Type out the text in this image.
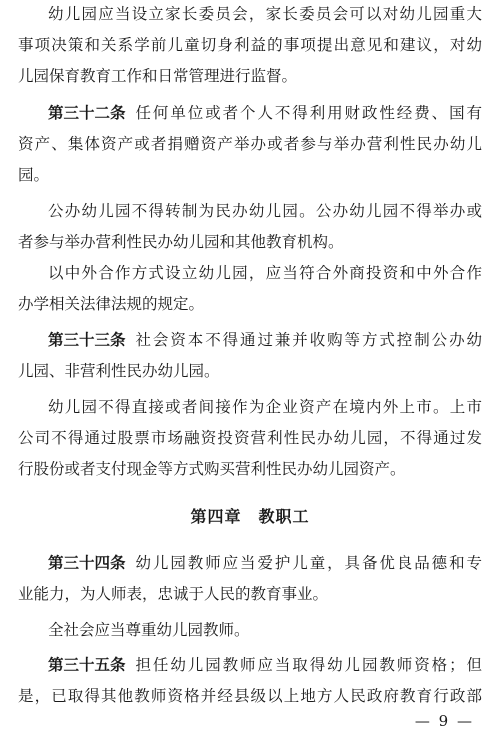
幼儿园应当设立家长委员会，家长委员会可以对幼儿园重大
事项决策和关系学前儿童切身利益的事项提出意见和建议，对幼
儿园保育教育工作和日常管理进行监督。
第三十二条 任何单位或者个人不得利用财政性经费、国有
资产、集体资产或者捐赠资产举办或者参与举办营利性民办幼儿
园。
公办幼儿园不得转制为民办幼儿园。公办幼儿园不得举办或
者参与举办营利性民办幼儿园和其他教育机构。
以中外合作方式设立幼儿园，应当符合外商投资和中外合作
办学相关法律法规的规定。
第三十三条 社会资本不得通过兼并收购等方式控制公办幼
儿园、非营利性民办幼儿园。
幼儿园不得直接或者间接作为企业资产在境内外上市。上市
公司不得通过股票市场融资投资营利性民办幼儿园，不得通过发
行股份或者支付现金等方式购买营利性民办幼儿园资产。
第四章　教职工
第三十四条 幼儿园教师应当爱护儿童，具备优良品德和专
业能力，为人师表，忠诚于人民的教育事业。
全社会应当尊重幼儿园教师。
第三十五条 担任幼儿园教师应当取得幼儿园教师资格；但
是，已取得其他教师资格并经县级以上地方人民政府教育行政部
— 9 —
